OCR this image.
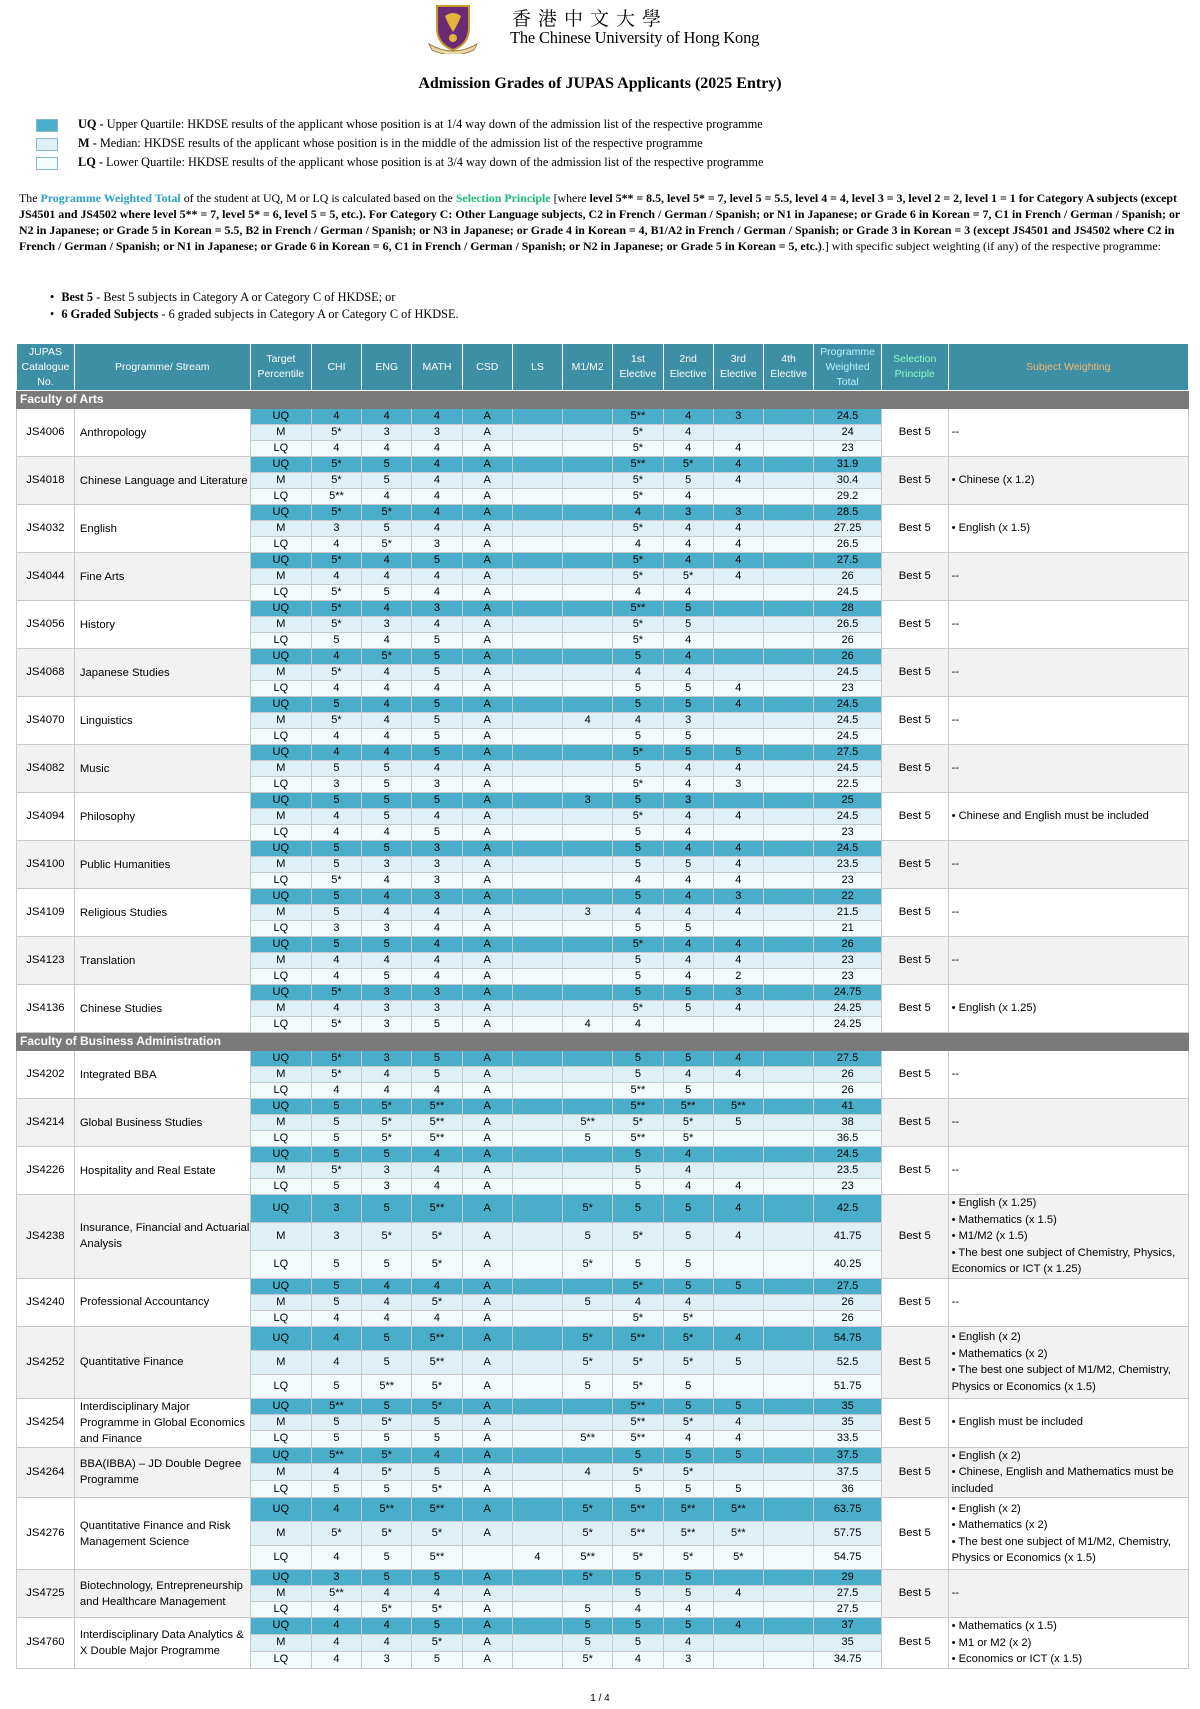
香港中文大學
The Chinese University of Hong Kong
Admission Grades of JUPAS Applicants (2025 Entry)
UQ - Upper Quartile: HKDSE results of the applicant whose position is at 1/4 way down of the admission list of the respective programme
M - Median: HKDSE results of the applicant whose position is in the middle of the admission list of the respective programme
LQ - Lower Quartile: HKDSE results of the applicant whose position is at 3/4 way down of the admission list of the respective programme
The Programme Weighted Total of the student at UQ, M or LQ is calculated based on the Selection Principle [where level 5** = 8.5, level 5* = 7, level 5 = 5.5, level 4 = 4, level 3 = 3, level 2 = 2, level 1 = 1 for Category A subjects (except JS4501 and JS4502 where level 5** = 7, level 5* = 6, level 5 = 5, etc.). For Category C: Other Language subjects, C2 in French / German / Spanish; or N1 in Japanese; or Grade 6 in Korean = 7, C1 in French / German / Spanish; or N2 in Japanese; or Grade 5 in Korean = 5.5, B2 in French / German / Spanish; or N3 in Japanese; or Grade 4 in Korean = 4, B1/A2 in French / German / Spanish; or Grade 3 in Korean = 3 (except JS4501 and JS4502 where C2 in French / German / Spanish; or N1 in Japanese; or Grade 6 in Korean = 6, C1 in French / German / Spanish; or N2 in Japanese; or Grade 5 in Korean = 5, etc.).] with specific subject weighting (if any) of the respective programme:
• Best 5 - Best 5 subjects in Category A or Category C of HKDSE; or
• 6 Graded Subjects - 6 graded subjects in Category A or Category C of HKDSE.
JUPAS Catalogue No.	Programme/ Stream	Target Percentile	CHI	ENG	MATH	CSD	LS	M1/M2	1st Elective	2nd Elective	3rd Elective	4th Elective	Programme Weighted Total	Selection Principle	Subject Weighting
Faculty of Arts															
JS4006	Anthropology	UQ	4	4	4	A			5**	4	3		24.5	Best 5	--

		M	5*	3	3	A			5*	4			24		
		LQ	4	4	4	A			5*	4	4		23		
JS4018	Chinese Language and Literature	UQ	5*	5	4	A			5**	5*	4		31.9	Best 5	• Chinese (x 1.2)

		M	5*	5	4	A			5*	5	4		30.4		
		LQ	5**	4	4	A			5*	4			29.2		
JS4032	English	UQ	5*	5*	4	A			4	3	3		28.5	Best 5	• English (x 1.5)

		M	3	5	4	A			5*	4	4		27.25		
		LQ	4	5*	3	A			4	4	4		26.5		
JS4044	Fine Arts	UQ	5*	4	5	A			5*	4	4		27.5	Best 5	--

		M	4	4	4	A			5*	5*	4		26		
		LQ	5*	5	4	A			4	4			24.5		
JS4056	History	UQ	5*	4	3	A			5**	5			28	Best 5	--

		M	5*	3	4	A			5*	5			26.5		
		LQ	5	4	5	A			5*	4			26		
JS4068	Japanese Studies	UQ	4	5*	5	A			5	4			26	Best 5	--

		M	5*	4	5	A			4	4			24.5		
		LQ	4	4	4	A			5	5	4		23		
JS4070	Linguistics	UQ	5	4	5	A			5	5	4		24.5	Best 5	--

		M	5*	4	5	A		4	4	3			24.5		
		LQ	4	4	5	A			5	5			24.5		
JS4082	Music	UQ	4	4	5	A			5*	5	5		27.5	Best 5	--

		M	5	5	4	A			5	4	4		24.5		
		LQ	3	5	3	A			5*	4	3		22.5		
JS4094	Philosophy	UQ	5	5	5	A		3	5	3			25	Best 5	• Chinese and English must be included

		M	4	5	4	A			5*	4	4		24.5		
		LQ	4	4	5	A			5	4			23		
JS4100	Public Humanities	UQ	5	5	3	A			5	4	4		24.5	Best 5	--

		M	5	3	3	A			5	5	4		23.5		
		LQ	5*	4	3	A			4	4	4		23		
JS4109	Religious Studies	UQ	5	4	3	A			5	4	3		22	Best 5	--

		M	5	4	4	A		3	4	4	4		21.5		
		LQ	3	3	4	A			5	5			21		
JS4123	Translation	UQ	5	5	4	A			5*	4	4		26	Best 5	--

		M	4	4	4	A			5	4	4		23		
		LQ	4	5	4	A			5	4	2		23		
JS4136	Chinese Studies	UQ	5*	3	3	A			5	5	3		24.75	Best 5	• English (x 1.25)

		M	4	3	3	A			5*	5	4		24.25		
		LQ	5*	3	5	A		4	4				24.25		
Faculty of Business Administration															
JS4202	Integrated BBA	UQ	5*	3	5	A			5	5	4		27.5	Best 5	--

		M	5*	4	5	A			5	4	4		26		
		LQ	4	4	4	A			5**	5			26		
JS4214	Global Business Studies	UQ	5	5*	5**	A			5**	5**	5**		41	Best 5	--

		M	5	5*	5**	A		5**	5*	5*	5		38		
		LQ	5	5*	5**	A		5	5**	5*			36.5		
JS4226	Hospitality and Real Estate	UQ	5	5	4	A			5	4			24.5	Best 5	--

		M	5*	3	4	A			5	4			23.5		
		LQ	5	3	4	A			5	4	4		23		
JS4238	Insurance, Financial and Actuarial Analysis	UQ	3	5	5**	A		5*	5	5	4		42.5	Best 5	• English (x 1.25)
• Mathematics (x 1.5)
• M1/M2 (x 1.5)
• The best one subject of Chemistry, Physics, Economics or ICT (x 1.25)

		M	3	5*	5*	A		5	5*	5	4		41.75		
		LQ	5	5	5*	A		5*	5	5			40.25		
JS4240	Professional Accountancy	UQ	5	4	4	A			5*	5	5		27.5	Best 5	--

		M	5	4	5*	A		5	4	4			26		
		LQ	4	4	4	A			5*	5*			26		
JS4252	Quantitative Finance	UQ	4	5	5**	A		5*	5**	5*	4		54.75	Best 5	• English (x 2)
• Mathematics (x 2)
• The best one subject of M1/M2, Chemistry, Physics or Economics (x 1.5)

		M	4	5	5**	A		5*	5*	5*	5		52.5		
		LQ	5	5**	5*	A		5	5*	5			51.75		
JS4254	Interdisciplinary Major Programme in Global Economics and Finance	UQ	5**	5	5*	A			5**	5	5		35	Best 5	• English must be included

		M	5	5*	5	A			5**	5*	4		35		
		LQ	5	5	5	A		5**	5**	4	4		33.5		
JS4264	BBA(IBBA) – JD Double Degree Programme	UQ	5**	5*	4	A			5	5	5		37.5	Best 5	• English (x 2)
• Chinese, English and Mathematics must be included

		M	4	5*	5	A		4	5*	5*			37.5		
		LQ	5	5	5*	A			5	5	5		36		
JS4276	Quantitative Finance and Risk Management Science	UQ	4	5**	5**	A		5*	5**	5**	5**		63.75	Best 5	• English (x 2)
• Mathematics (x 2)
• The best one subject of M1/M2, Chemistry, Physics or Economics (x 1.5)

		M	5*	5*	5*	A		5*	5**	5**	5**		57.75		
		LQ	4	5	5**		4	5**	5*	5*	5*		54.75		
JS4725	Biotechnology, Entrepreneurship and Healthcare Management	UQ	3	5	5	A		5*	5	5			29	Best 5	--

		M	5**	4	4	A			5	5	4		27.5		
		LQ	4	5*	5*	A		5	4	4			27.5		
JS4760	Interdisciplinary Data Analytics & X Double Major Programme	UQ	4	4	5	A		5	5	5	4		37	Best 5	• Mathematics (x 1.5)
• M1 or M2 (x 2)
• Economics or ICT (x 1.5)

		M	4	4	5*	A		5	5	4			35		
		LQ	4	3	5	A		5*	4	3			34.75		
1 / 4
